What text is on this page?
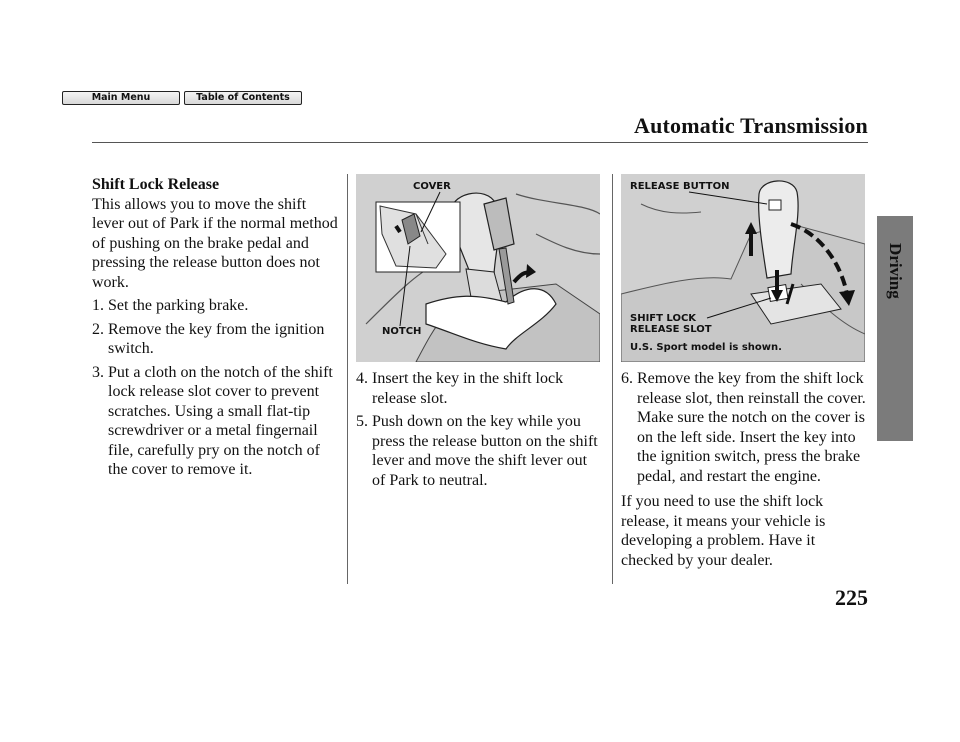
Main Menu	Table of Contents
Automatic Transmission
Driving
Shift Lock Release

This allows you to move the shift lever out of Park if the normal method of pushing on the brake pedal and pressing the release button does not work.

1. Set the parking brake.

2. Remove the key from the ignition switch.

3. Put a cloth on the notch of the shift lock release slot cover to prevent scratches. Using a small flat-tip screwdriver or a metal fingernail file, carefully pry on the notch of the cover to remove it.

COVER
NOTCH

4. Insert the key in the shift lock release slot.

5. Push down on the key while you press the release button on the shift lever and move the shift lever out of Park to neutral.

RELEASE BUTTON
SHIFT LOCK
RELEASE SLOT
U.S. Sport model is shown.

6. Remove the key from the shift lock release slot, then reinstall the cover. Make sure the notch on the cover is on the left side. Insert the key into the ignition switch, press the brake pedal, and restart the engine.

If you need to use the shift lock release, it means your vehicle is developing a problem. Have it checked by your dealer.

225
